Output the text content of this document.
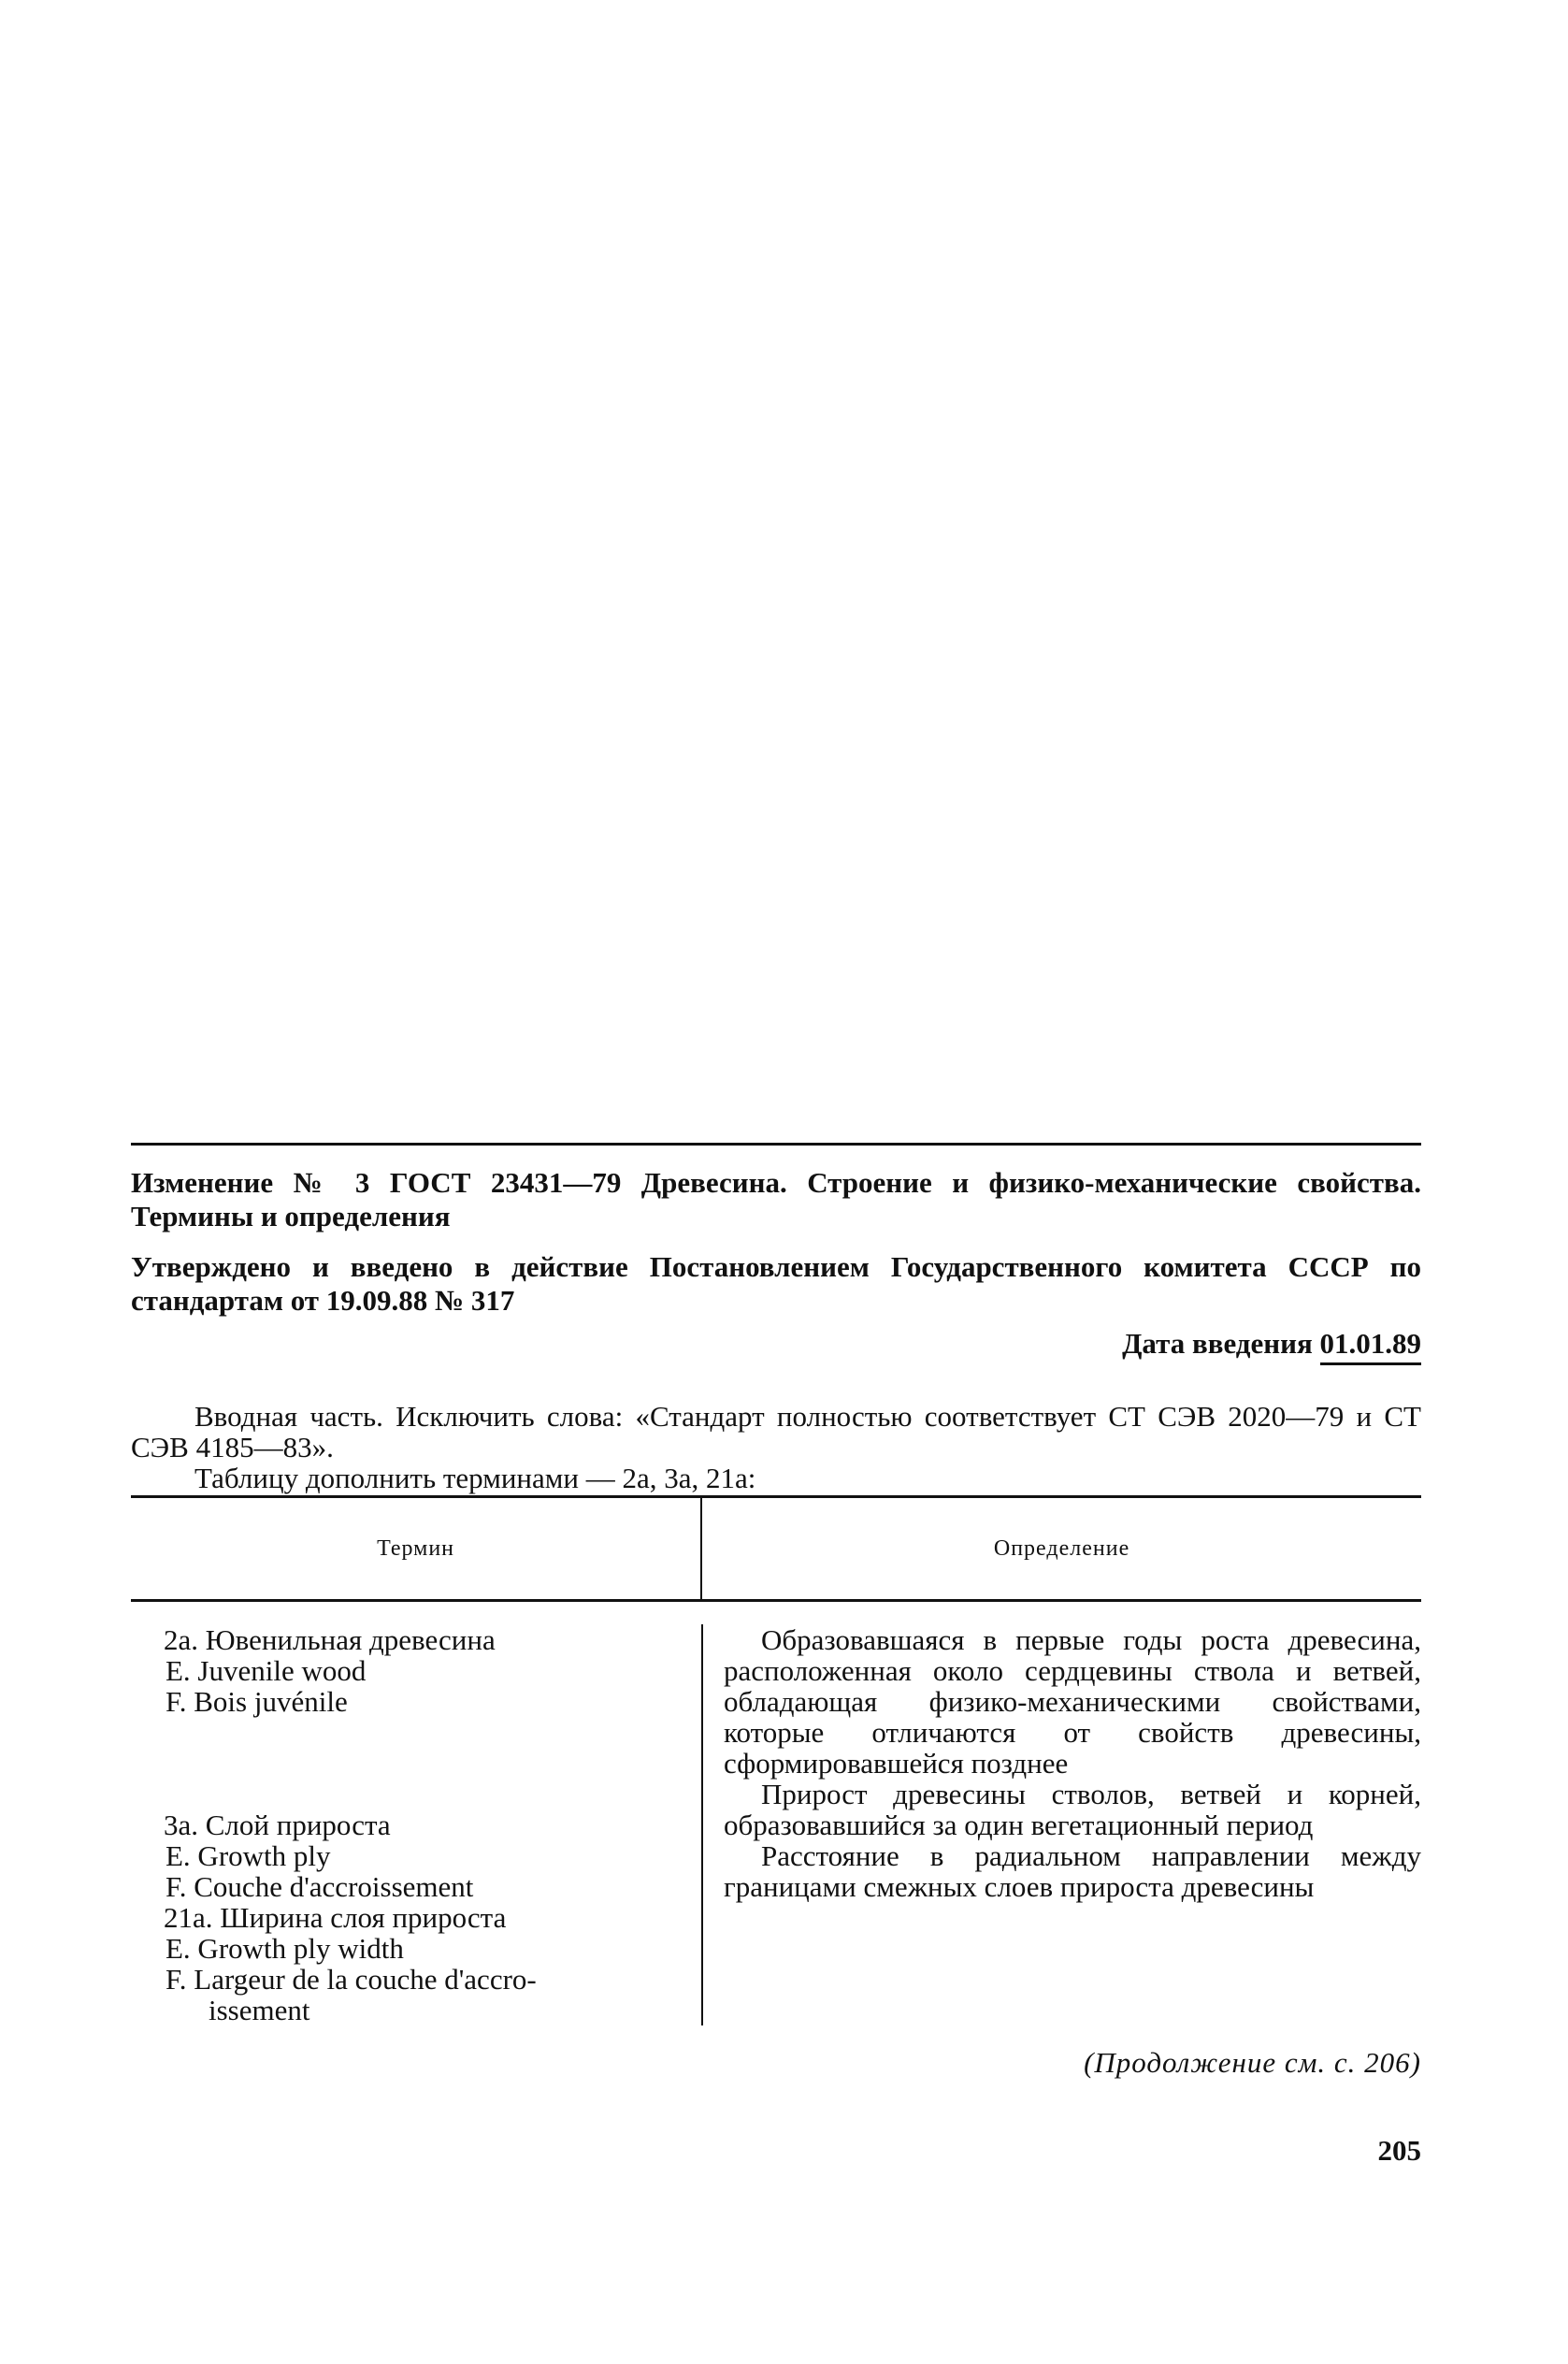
Изменение № 3 ГОСТ 23431—79 Древесина. Строение и физико-механические свойства. Термины и определения
Утверждено и введено в действие Постановлением Государственного комитета СССР по стандартам от 19.09.88 № 317
Дата введения 01.01.89
Вводная часть. Исключить слова: «Стандарт полностью соответствует СТ СЭВ 2020—79 и СТ СЭВ 4185—83».
Таблицу дополнить терминами — 2а, 3а, 21а:
Термин	Определение
2а. Ювенильная древесина
E. Juvenile wood
F. Bois juvénile
3а. Слой прироста
E. Growth ply
F. Couche d'accroissement
21а. Ширина слоя прироста
E. Growth ply width
F. Largeur de la couche d'accro-
issement
Образовавшаяся в первые годы роста древесина, расположенная около сердцевины ствола и ветвей, обладающая физико-механическими свойствами, которые отличаются от свойств древесины, сформировавшейся позднее
Прирост древесины стволов, ветвей и корней, образовавшийся за один вегетационный период
Расстояние в радиальном направлении между границами смежных слоев прироста древесины
(Продолжение см. с. 206)
205
